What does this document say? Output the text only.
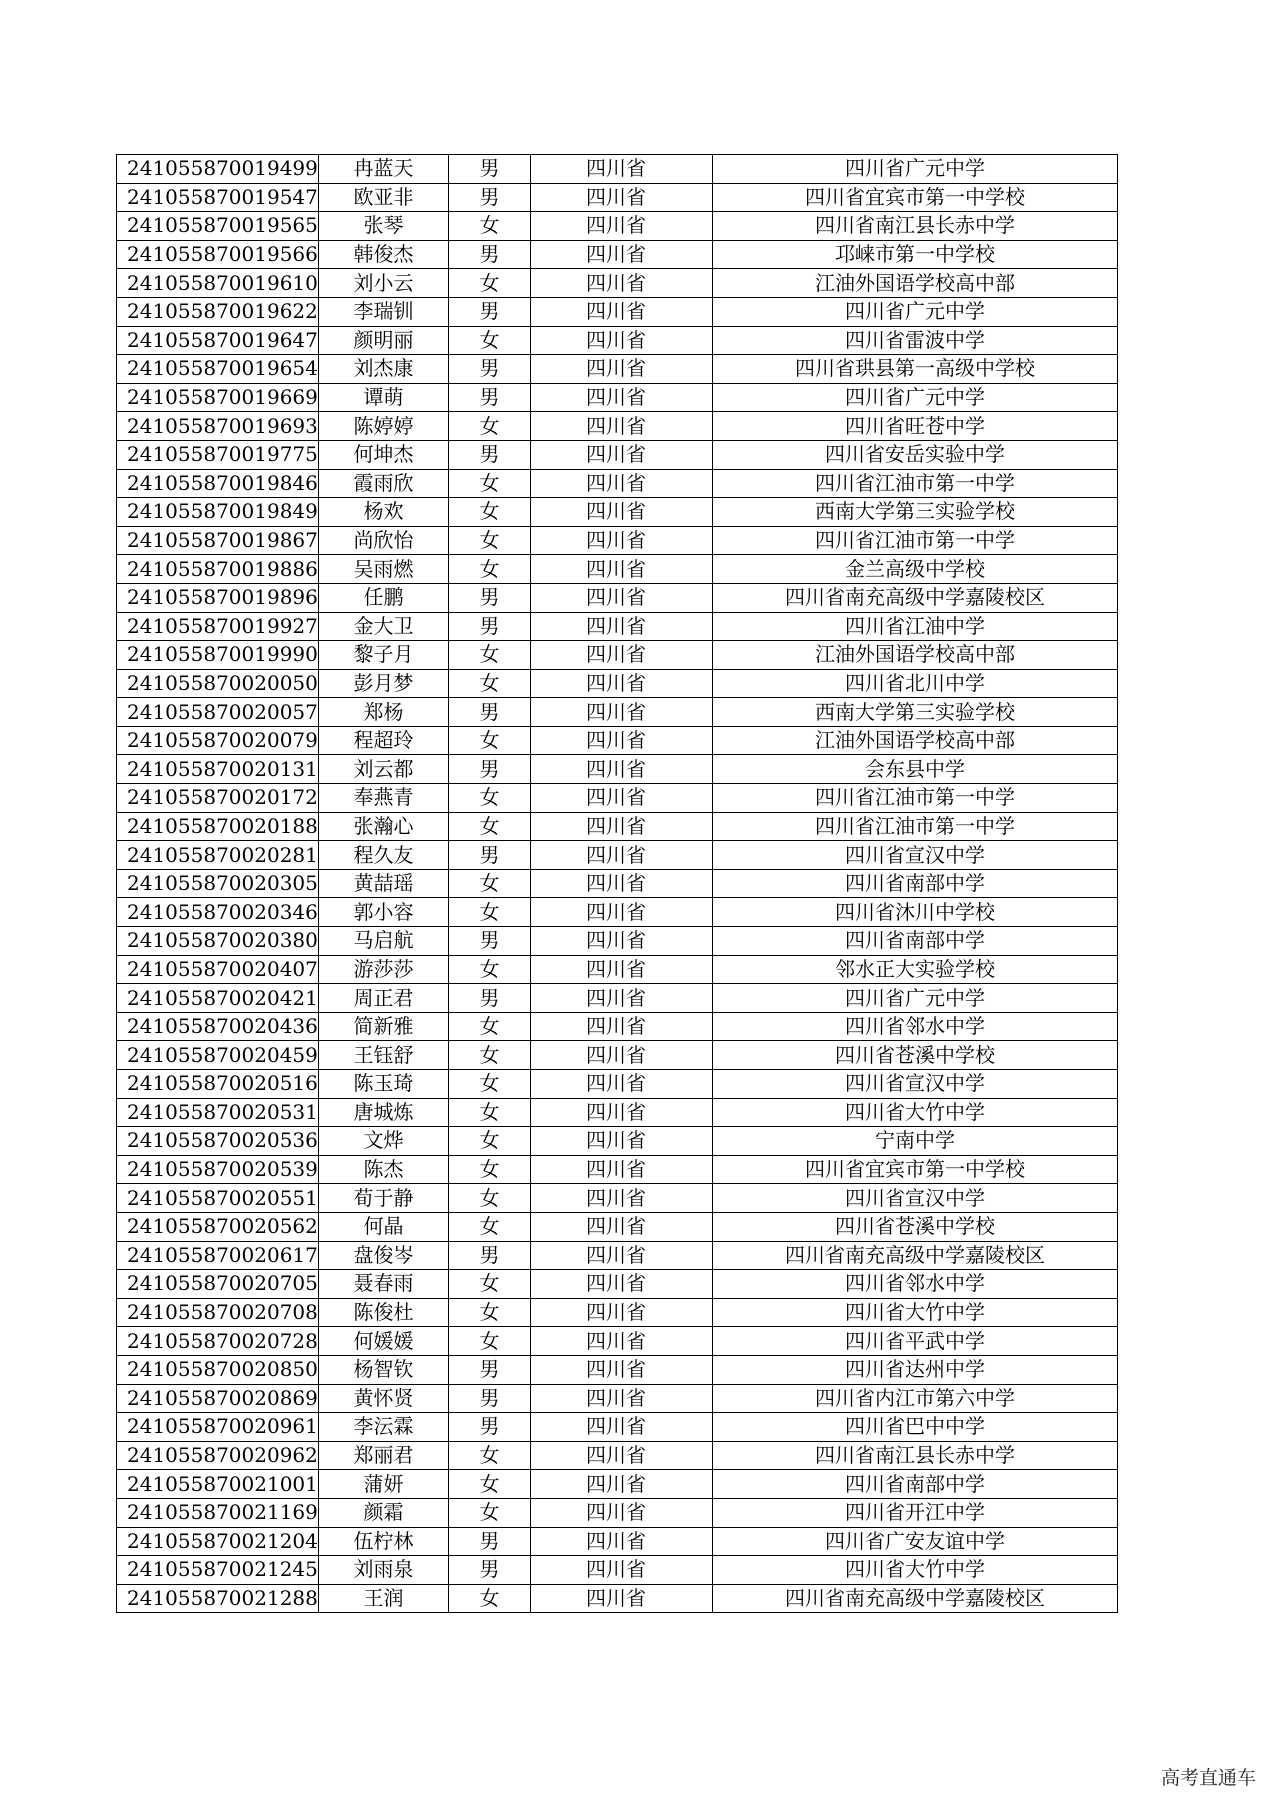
241055870019499	冉蓝天	男	四川省	四川省广元中学
241055870019547	欧亚非	男	四川省	四川省宜宾市第一中学校
241055870019565	张琴	女	四川省	四川省南江县长赤中学
241055870019566	韩俊杰	男	四川省	邛崃市第一中学校
241055870019610	刘小云	女	四川省	江油外国语学校高中部
241055870019622	李瑞钏	男	四川省	四川省广元中学
241055870019647	颜明丽	女	四川省	四川省雷波中学
241055870019654	刘杰康	男	四川省	四川省珙县第一高级中学校
241055870019669	谭萌	男	四川省	四川省广元中学
241055870019693	陈婷婷	女	四川省	四川省旺苍中学
241055870019775	何坤杰	男	四川省	四川省安岳实验中学
241055870019846	霞雨欣	女	四川省	四川省江油市第一中学
241055870019849	杨欢	女	四川省	西南大学第三实验学校
241055870019867	尚欣怡	女	四川省	四川省江油市第一中学
241055870019886	吴雨燃	女	四川省	金兰高级中学校
241055870019896	任鹏	男	四川省	四川省南充高级中学嘉陵校区
241055870019927	金大卫	男	四川省	四川省江油中学
241055870019990	黎子月	女	四川省	江油外国语学校高中部
241055870020050	彭月梦	女	四川省	四川省北川中学
241055870020057	郑杨	男	四川省	西南大学第三实验学校
241055870020079	程超玲	女	四川省	江油外国语学校高中部
241055870020131	刘云都	男	四川省	会东县中学
241055870020172	奉燕青	女	四川省	四川省江油市第一中学
241055870020188	张瀚心	女	四川省	四川省江油市第一中学
241055870020281	程久友	男	四川省	四川省宣汉中学
241055870020305	黄喆瑶	女	四川省	四川省南部中学
241055870020346	郭小容	女	四川省	四川省沐川中学校
241055870020380	马启航	男	四川省	四川省南部中学
241055870020407	游莎莎	女	四川省	邻水正大实验学校
241055870020421	周正君	男	四川省	四川省广元中学
241055870020436	简新雅	女	四川省	四川省邻水中学
241055870020459	王钰舒	女	四川省	四川省苍溪中学校
241055870020516	陈玉琦	女	四川省	四川省宣汉中学
241055870020531	唐城炼	女	四川省	四川省大竹中学
241055870020536	文烨	女	四川省	宁南中学
241055870020539	陈杰	女	四川省	四川省宜宾市第一中学校
241055870020551	荀于静	女	四川省	四川省宣汉中学
241055870020562	何晶	女	四川省	四川省苍溪中学校
241055870020617	盘俊岑	男	四川省	四川省南充高级中学嘉陵校区
241055870020705	聂春雨	女	四川省	四川省邻水中学
241055870020708	陈俊杜	女	四川省	四川省大竹中学
241055870020728	何媛媛	女	四川省	四川省平武中学
241055870020850	杨智钦	男	四川省	四川省达州中学
241055870020869	黄怀贤	男	四川省	四川省内江市第六中学
241055870020961	李沄霖	男	四川省	四川省巴中中学
241055870020962	郑丽君	女	四川省	四川省南江县长赤中学
241055870021001	蒲妍	女	四川省	四川省南部中学
241055870021169	颜霜	女	四川省	四川省开江中学
241055870021204	伍柠林	男	四川省	四川省广安友谊中学
241055870021245	刘雨泉	男	四川省	四川省大竹中学
241055870021288	王润	女	四川省	四川省南充高级中学嘉陵校区
高考直通车
